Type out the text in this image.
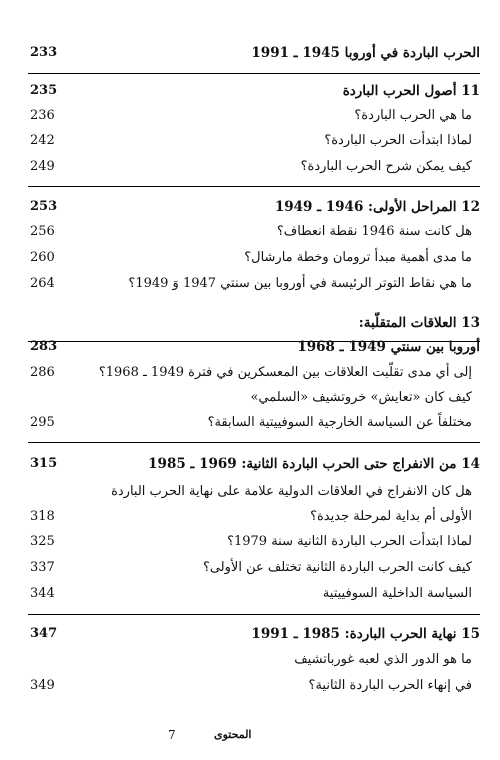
233	الحرب الباردة في أوروبا 1945 ـ 1991
235	11 أصول الحرب الباردة
236	ما هي الحرب الباردة؟
242	لماذا ابتدأت الحرب الباردة؟
249	كيف يمكن شرح الحرب الباردة؟
253	12 المراحل الأولى: 1946 ـ 1949
256	هل كانت سنة 1946 نقطة انعطاف؟
260	ما مدى أهمية مبدأ ترومان وخطة مارشال؟
264	ما هي نقاط التوتر الرئيسة في أوروبا بين سنتي 1947 وَ 1949؟
13 العلاقات المتقلّبة:
283	أوروبا بين سنتي 1949 ـ 1968
286	إلى أي مدى تقلّبت العلاقات بين المعسكرين في فترة 1949 ـ 1968؟
كيف كان «تعايش» خروتشيف «السلمي»
295	مختلفاً عن السياسة الخارجية السوفييتية السابقة؟
315	14 من الانفراج حتى الحرب الباردة الثانية: 1969 ـ 1985
هل كان الانفراج في العلاقات الدولية علامة على نهاية الحرب الباردة
318	الأولى أم بداية لمرحلة جديدة؟
325	لماذا ابتدأت الحرب الباردة الثانية سنة 1979؟
337	كيف كانت الحرب الباردة الثانية تختلف عن الأولى؟
344	السياسة الداخلية السوفييتية
347	15 نهاية الحرب الباردة: 1985 ـ 1991
ما هو الدور الذي لعبه غورباتشيف
349	في إنهاء الحرب الباردة الثانية؟
7	المحتوى
